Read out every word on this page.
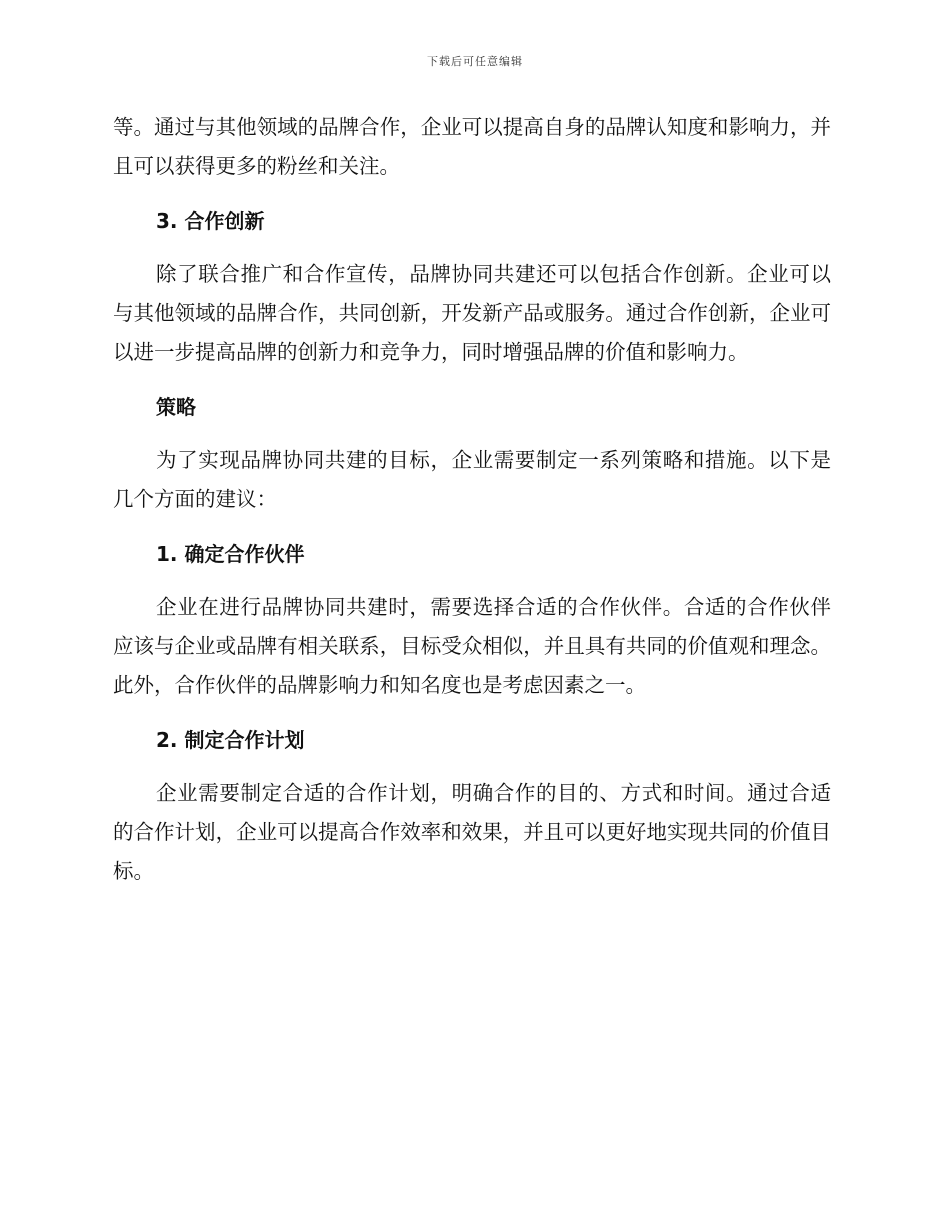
下载后可任意编辑

等。通过与其他领域的品牌合作，企业可以提高自身的品牌认知度和影响力，并且可以获得更多的粉丝和关注。

3. 合作创新

除了联合推广和合作宣传，品牌协同共建还可以包括合作创新。企业可以与其他领域的品牌合作，共同创新，开发新产品或服务。通过合作创新，企业可以进一步提高品牌的创新力和竞争力，同时增强品牌的价值和影响力。

策略

为了实现品牌协同共建的目标，企业需要制定一系列策略和措施。以下是几个方面的建议：

1. 确定合作伙伴

企业在进行品牌协同共建时，需要选择合适的合作伙伴。合适的合作伙伴应该与企业或品牌有相关联系，目标受众相似，并且具有共同的价值观和理念。此外，合作伙伴的品牌影响力和知名度也是考虑因素之一。

2. 制定合作计划

企业需要制定合适的合作计划，明确合作的目的、方式和时间。通过合适的合作计划，企业可以提高合作效率和效果，并且可以更好地实现共同的价值目标。
